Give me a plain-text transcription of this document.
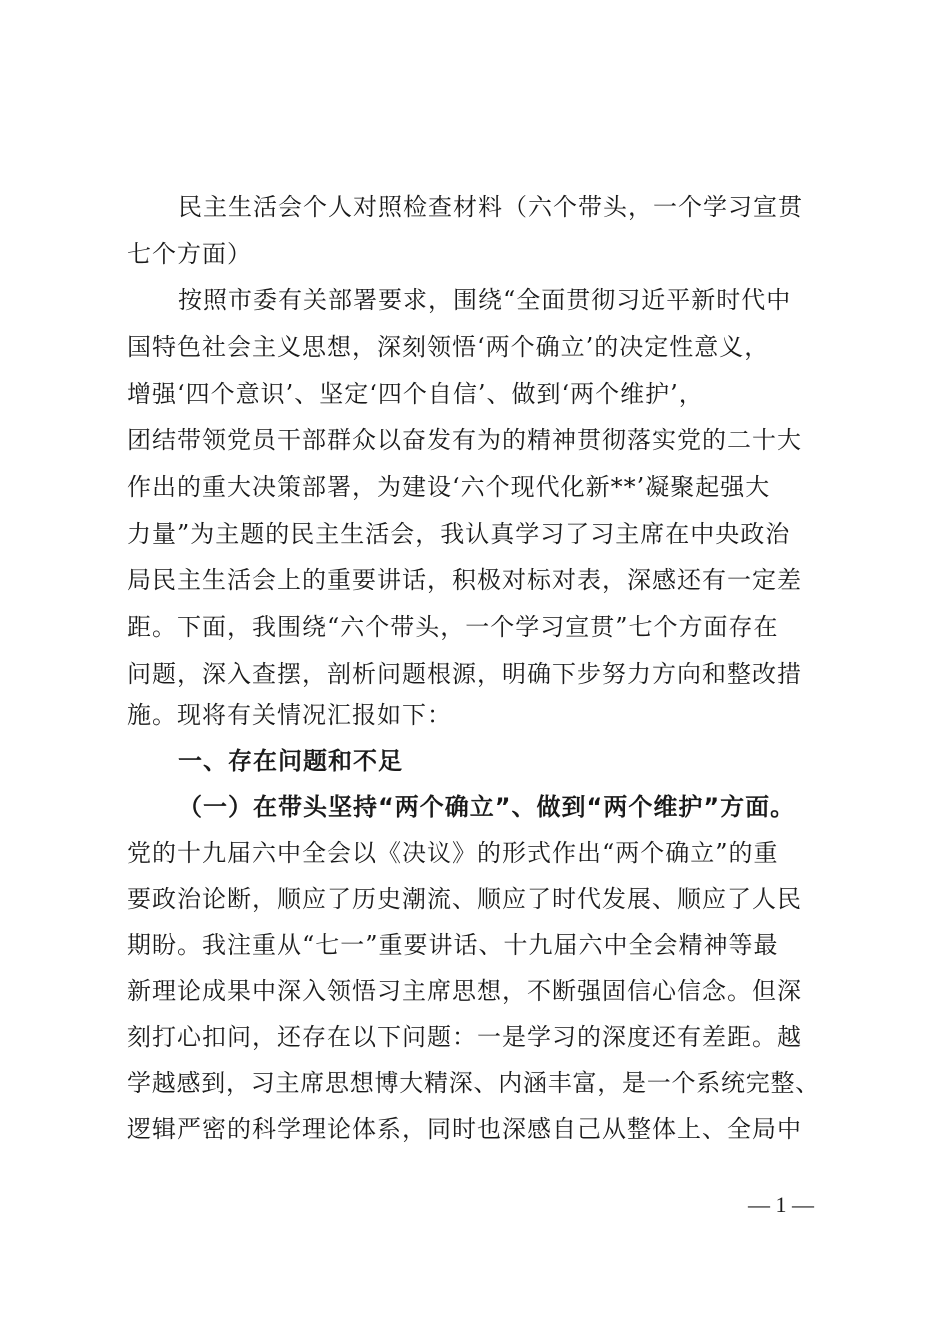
民主生活会个人对照检查材料（六个带头，一个学习宣贯
七个方面）
按照市委有关部署要求，围绕“全面贯彻习近平新时代中
国特色社会主义思想，深刻领悟‘两个确立’的决定性意义，
增强‘四个意识’、坚定‘四个自信’、做到‘两个维护’，
团结带领党员干部群众以奋发有为的精神贯彻落实党的二十大
作出的重大决策部署，为建设‘六个现代化新**’凝聚起强大
力量”为主题的民主生活会，我认真学习了习主席在中央政治
局民主生活会上的重要讲话，积极对标对表，深感还有一定差
距。下面，我围绕“六个带头，一个学习宣贯”七个方面存在
问题，深入查摆，剖析问题根源，明确下步努力方向和整改措
施。现将有关情况汇报如下：
一、存在问题和不足
（一）在带头坚持“两个确立”、做到“两个维护”方面。
党的十九届六中全会以《决议》的形式作出“两个确立”的重
要政治论断，顺应了历史潮流、顺应了时代发展、顺应了人民
期盼。我注重从“七一”重要讲话、十九届六中全会精神等最
新理论成果中深入领悟习主席思想，不断强固信心信念。但深
刻打心扣问，还存在以下问题：一是学习的深度还有差距。越
学越感到，习主席思想博大精深、内涵丰富，是一个系统完整、
逻辑严密的科学理论体系，同时也深感自己从整体上、全局中
— 1 —
